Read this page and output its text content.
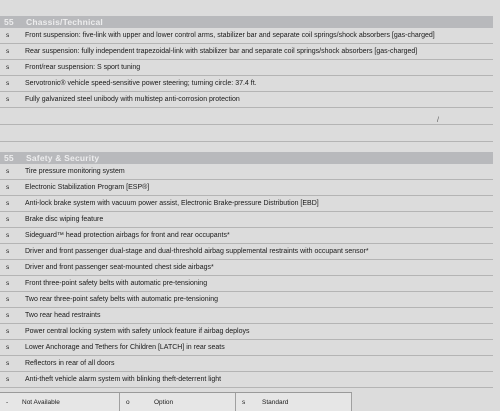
55	Chassis/Technical
s	Front suspension: five-link with upper and lower control arms, stabilizer bar and separate coil springs/shock absorbers [gas-charged]
s	Rear suspension: fully independent trapezoidal-link with stabilizer bar and separate coil springs/shock absorbers [gas-charged]
s	Front/rear suspension: S sport tuning
s	Servotronic® vehicle speed-sensitive power steering; turning circle: 37.4 ft.
s	Fully galvanized steel unibody with multistep anti-corrosion protection
/
55	Safety & Security
s	Tire pressure monitoring system
s	Electronic Stabilization Program [ESP®]
s	Anti-lock brake system with vacuum power assist, Electronic Brake-pressure Distribution [EBD]
s	Brake disc wiping feature
s	Sideguard™ head protection airbags for front and rear occupants*
s	Driver and front passenger dual-stage and dual-threshold airbag supplemental restraints with occupant sensor*
s	Driver and front passenger seat-mounted chest side airbags*
s	Front three-point safety belts with automatic pre-tensioning
s	Two rear three-point safety belts with automatic pre-tensioning
s	Two rear head restraints
s	Power central locking system with safety unlock feature if airbag deploys
s	Lower Anchorage and Tethers for Children [LATCH] in rear seats
s	Reflectors in rear of all doors
s	Anti-theft vehicle alarm system with blinking theft-deterrent light
-	Not Available	o	Option	s	Standard
